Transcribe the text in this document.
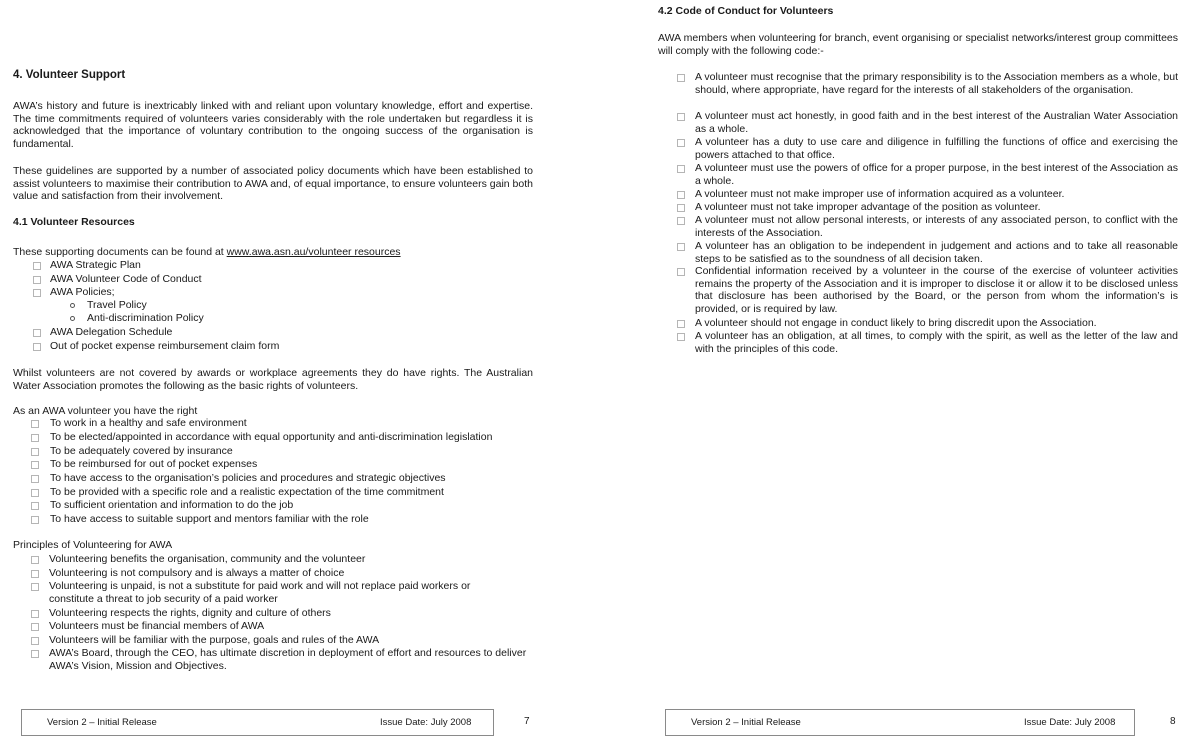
4. Volunteer Support

AWA’s history and future is inextricably linked with and reliant upon voluntary knowledge, effort and expertise. The time commitments required of volunteers varies considerably with the role undertaken but regardless it is acknowledged that the importance of voluntary contribution to the ongoing success of the organisation is fundamental.

These guidelines are supported by a number of associated policy documents which have been established to assist volunteers to maximise their contribution to AWA and, of equal importance, to ensure volunteers gain both value and satisfaction from their involvement.

4.1 Volunteer Resources
These supporting documents can be found at www.awa.asn.au/volunteer resources
AWA Strategic Plan
AWA Volunteer Code of Conduct
AWA Policies;
Travel Policy
Anti-discrimination Policy
AWA Delegation Schedule
Out of pocket expense reimbursement claim form

Whilst volunteers are not covered by awards or workplace agreements they do have rights. The Australian Water Association promotes the following as the basic rights of volunteers.

As an AWA volunteer you have the right
To work in a healthy and safe environment
To be elected/appointed in accordance with equal opportunity and anti-discrimination legislation
To be adequately covered by insurance
To be reimbursed for out of pocket expenses
To have access to the organisation’s policies and procedures and strategic objectives
To be provided with a specific role and a realistic expectation of the time commitment
To sufficient orientation and information to do the job
To have access to suitable support and mentors familiar with the role
Principles of Volunteering for AWA
Volunteering benefits the organisation, community and the volunteer
Volunteering is not compulsory and is always a matter of choice
Volunteering is unpaid, is not a substitute for paid work and will not replace paid workers or constitute a threat to job security of a paid worker
Volunteering respects the rights, dignity and culture of others
Volunteers must be financial members of AWA
Volunteers will be familiar with the purpose, goals and rules of the AWA
AWA’s Board, through the CEO, has ultimate discretion in deployment of effort and resources to deliver AWA’s Vision, Mission and Objectives.
Version 2 – Initial Release	Issue Date: July 2008	7
4.2 Code of Conduct for Volunteers

AWA members when volunteering for branch, event organising or specialist networks/interest group committees will comply with the following code:-

A volunteer must recognise that the primary responsibility is to the Association members as a whole, but should, where appropriate, have regard for the interests of all stakeholders of the organisation.

A volunteer must act honestly, in good faith and in the best interest of the Australian Water Association as a whole.

A volunteer has a duty to use care and diligence in fulfilling the functions of office and exercising the powers attached to that office.

A volunteer must use the powers of office for a proper purpose, in the best interest of the Association as a whole.

A volunteer must not make improper use of information acquired as a volunteer.

A volunteer must not take improper advantage of the position as volunteer.

A volunteer must not allow personal interests, or interests of any associated person, to conflict with the interests of the Association.

A volunteer has an obligation to be independent in judgement and actions and to take all reasonable steps to be satisfied as to the soundness of all decision taken.

Confidential information received by a volunteer in the course of the exercise of volunteer activities remains the property of the Association and it is improper to disclose it or allow it to be disclosed unless that disclosure has been authorised by the Board, or the person from whom the information’s is provided, or is required by law.

A volunteer should not engage in conduct likely to bring discredit upon the Association.

A volunteer has an obligation, at all times, to comply with the spirit, as well as the letter of the law and with the principles of this code.

Version 2 – Initial Release	Issue Date: July 2008	8
